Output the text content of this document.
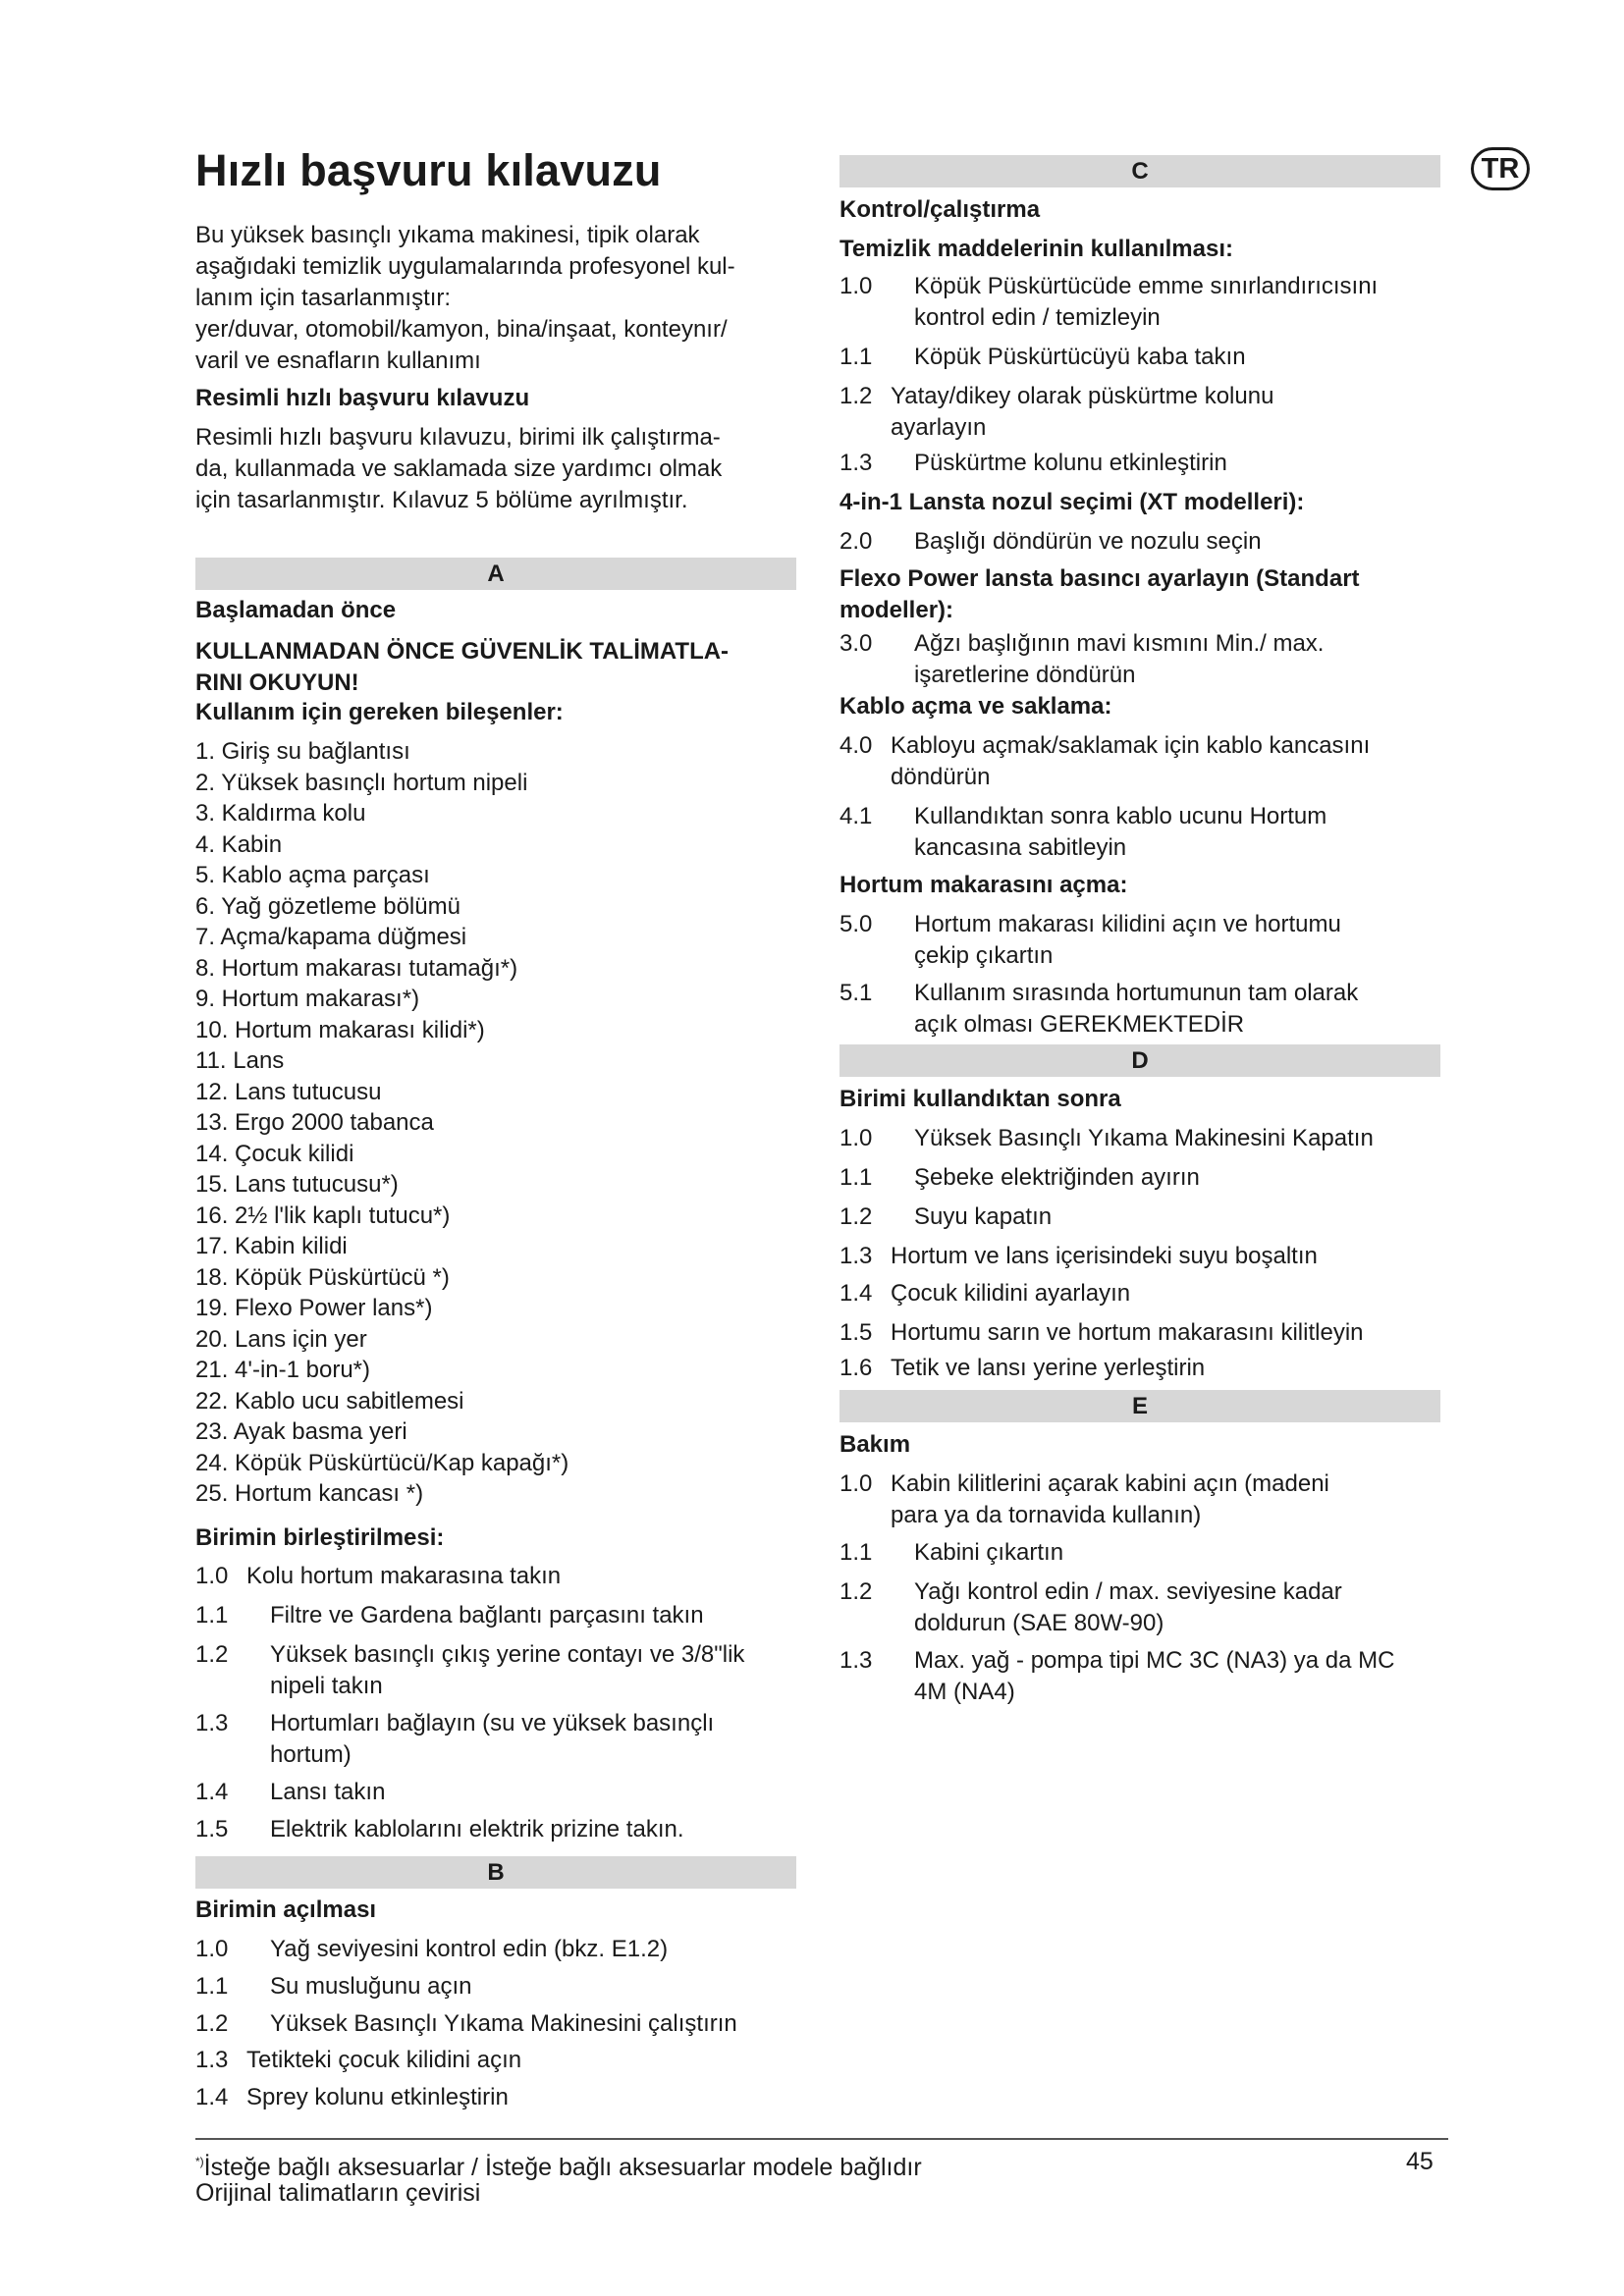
Hızlı başvuru kılavuzu	TR
Bu yüksek basınçlı yıkama makinesi, tipik olarak
aşağıdaki temizlik uygulamalarında profesyonel kul-
lanım için tasarlanmıştır:
yer/duvar, otomobil/kamyon, bina/inşaat, konteynır/
varil ve esnafların kullanımı
Resimli hızlı başvuru kılavuzu
Resimli hızlı başvuru kılavuzu, birimi ilk çalıştırma-
da, kullanmada ve saklamada size yardımcı olmak
için tasarlanmıştır. Kılavuz 5 bölüme ayrılmıştır.
A
Başlamadan önce
KULLANMADAN ÖNCE GÜVENLİK TALİMATLA-
RINI OKUYUN!
Kullanım için gereken bileşenler:
1. Giriş su bağlantısı
2. Yüksek basınçlı hortum nipeli
3. Kaldırma kolu
4. Kabin
5. Kablo açma parçası
6. Yağ gözetleme bölümü
7. Açma/kapama düğmesi
8. Hortum makarası tutamağı*)
9. Hortum makarası*)
10. Hortum makarası kilidi*)
11. Lans
12. Lans tutucusu
13. Ergo 2000 tabanca
14. Çocuk kilidi
15. Lans tutucusu*)
16. 2½ l'lik kaplı tutucu*)
17. Kabin kilidi
18. Köpük Püskürtücü *)
19. Flexo Power lans*)
20. Lans için yer
21. 4'-in-1 boru*)
22. Kablo ucu sabitlemesi
23. Ayak basma yeri
24. Köpük Püskürtücü/Kap kapağı*)
25. Hortum kancası *)
Birimin birleştirilmesi:
1.0 Kolu hortum makarasına takın
1.1 Filtre ve Gardena bağlantı parçasını takın
1.2 Yüksek basınçlı çıkış yerine contayı ve 3/8"lik
nipeli takın
1.3 Hortumları bağlayın (su ve yüksek basınçlı
hortum)
1.4 Lansı takın
1.5 Elektrik kablolarını elektrik prizine takın.
B
Birimin açılması
1.0 Yağ seviyesini kontrol edin (bkz. E1.2)
1.1 Su musluğunu açın
1.2 Yüksek Basınçlı Yıkama Makinesini çalıştırın
1.3 Tetikteki çocuk kilidini açın
1.4 Sprey kolunu etkinleştirin
C
Kontrol/çalıştırma
Temizlik maddelerinin kullanılması:
1.0 Köpük Püskürtücüde emme sınırlandırıcısını
kontrol edin / temizleyin
1.1 Köpük Püskürtücüyü kaba takın
1.2 Yatay/dikey olarak püskürtme kolunu
ayarlayın
1.3 Püskürtme kolunu etkinleştirin
4-in-1 Lansta nozul seçimi (XT modelleri):
2.0 Başlığı döndürün ve nozulu seçin
Flexo Power lansta basıncı ayarlayın (Standart
modeller):
3.0 Ağzı başlığının mavi kısmını Min./ max.
işaretlerine döndürün
Kablo açma ve saklama:
4.0 Kabloyu açmak/saklamak için kablo kancasını
döndürün
4.1 Kullandıktan sonra kablo ucunu Hortum
kancasına sabitleyin
Hortum makarasını açma:
5.0 Hortum makarası kilidini açın ve hortumu
çekip çıkartın
5.1 Kullanım sırasında hortumunun tam olarak
açık olması GEREKMEKTEDİR
D
Birimi kullandıktan sonra
1.0 Yüksek Basınçlı Yıkama Makinesini Kapatın
1.1 Şebeke elektriğinden ayırın
1.2 Suyu kapatın
1.3 Hortum ve lans içerisindeki suyu boşaltın
1.4 Çocuk kilidini ayarlayın
1.5 Hortumu sarın ve hortum makarasını kilitleyin
1.6 Tetik ve lansı yerine yerleştirin
E
Bakım
1.0 Kabin kilitlerini açarak kabini açın (madeni
para ya da tornavida kullanın)
1.1 Kabini çıkartın
1.2 Yağı kontrol edin / max. seviyesine kadar
doldurun (SAE 80W-90)
1.3 Max. yağ - pompa tipi MC 3C (NA3) ya da MC
4M (NA4)
*)İsteğe bağlı aksesuarlar / İsteğe bağlı aksesuarlar modele bağlıdır	45
Orijinal talimatların çevirisi
